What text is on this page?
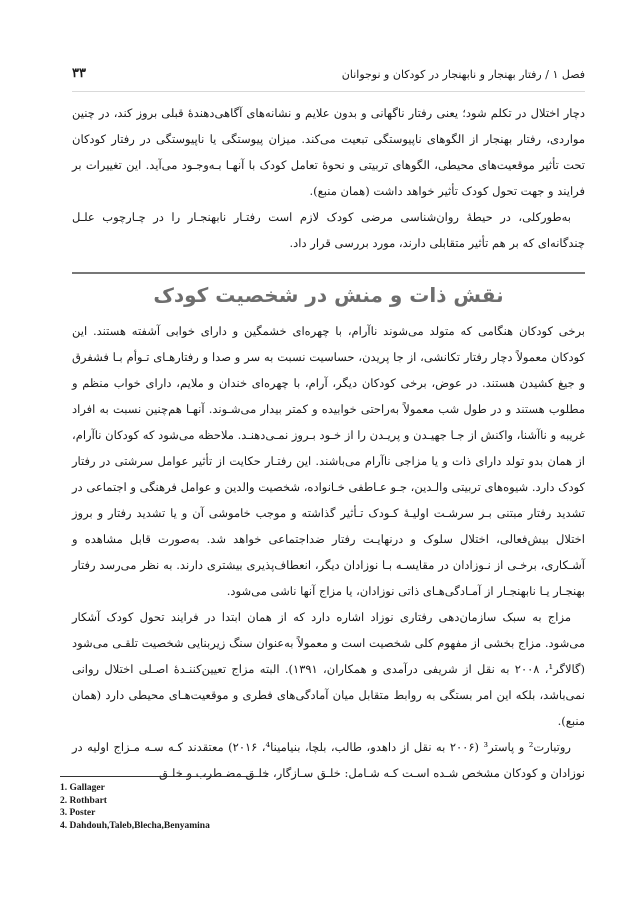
فصل ۱ / رفتار بهنجار و نابهنجار در کودکان و نوجوانان
۳۳

دچار اختلال در تکلم شود؛ یعنی رفتار ناگهانی و بدون علایم و نشانه‌های آگاهی‌دهندهٔ قبلی بروز کند، در چنین مواردی، رفتار بهنجار از الگوهای ناپیوستگی تبعیت می‌کند. میزان پیوستگی یا ناپیوستگی در رفتار کودکان تحت تأثیر موقعیت‌های محیطی، الگوهای تربیتی و نحوهٔ تعامل کودک با آنهـا بـه‌وجـود می‌آید. این تغییرات بر فرایند و جهت تحول کودک تأثیر خواهد داشت (همان منبع).

به‌طورکلی، در حیطهٔ روان‌شناسی مرضی کودک لازم است رفتـار نابهنجـار را در چـارچوب علـل چندگانه‌ای که بر هم تأثیر متقابلی دارند، مورد بررسی قرار داد.

نقش ذات و منش در شخصیت کودک

برخی کودکان هنگامی که متولد می‌شوند ناآرام، با چهره‌ای خشمگین و دارای خوابی آشفته هستند. این کودکان معمولاً دچار رفتار تکانشی، از جا پریدن، حساسیت نسبت به سر و صدا و رفتارهـای تـوأم بـا فشفرق و جیغ کشیدن هستند. در عوض، برخی کودکان دیگر، آرام، با چهره‌ای خندان و ملایم، دارای خواب منظم و مطلوب هستند و در طول شب معمولاً به‌راحتی خوابیده و کمتر بیدار می‌شـوند. آنهـا هم‌چنین نسبت به افراد غریبه و ناآشنا، واکنش از جـا جهیـدن و پریـدن را از خـود بـروز نمـی‌دهنـد. ملاحظه می‌شود که کودکان ناآرام، از همان بدو تولد دارای ذات و یا مزاجی ناآرام می‌باشند. این رفتـار حکایت از تأثیر عوامل سرشتی در رفتار کودک دارد. شیوه‌های تربیتی والـدین، جـو عـاطفی خـانواده، شخصیت والدین و عوامل فرهنگی و اجتماعی در تشدید رفتار مبتنی بـر سرشـت اولیـهٔ کـودک تـأثیر گذاشته و موجب خاموشی آن و یا تشدید رفتار و بروز اختلال بیش‌فعالی، اختلال سلوک و درنهایـت رفتار ضداجتماعی خواهد شد. به‌صورت قابل مشاهده و آشـکاری، برخـی از نـوزادان در مقایسـه بـا نوزادان دیگر، انعطاف‌پذیری بیشتری دارند. به نظر می‌رسد رفتار بهنجـار یـا نابهنجـار از آمـادگی‌هـای ذاتی نوزادان، یا مزاج آنها ناشی می‌شود.

مزاج به سبک سازمان‌دهی رفتاری نوزاد اشاره دارد که از همان ابتدا در فرایند تحول کودک آشکار می‌شود. مزاج بخشی از مفهوم کلی شخصیت است و معمولاً به‌عنوان سنگ زیربنایی شخصیت تلقـی می‌شود (گالاگر¹، ۲۰۰۸ به نقل از شریفی درآمدی و همکاران، ۱۳۹۱). البته مزاج تعیین‌کننـدهٔ اصـلی اختلال روانی نمی‌باشد، بلکه این امر بستگی به روابط متقابل میان آمادگی‌های فطری و موقعیت‌هـای محیطی دارد (همان منبع).

روتبارت² و پاستر³ (۲۰۰۶ به نقل از داهدو، طالب، بلچا، بنیامینا⁴، ۲۰۱۶) معتقدند کـه سـه مـزاج اولیه در نوزادان و کودکان مشخص شـده اسـت کـه شـامل: خلـق سـازگار، خلـق مضـطرب و خلـق

1. Gallager

2. Rothbart

3. Poster

4. Dahdouh,Taleb,Blecha,Benyamina
